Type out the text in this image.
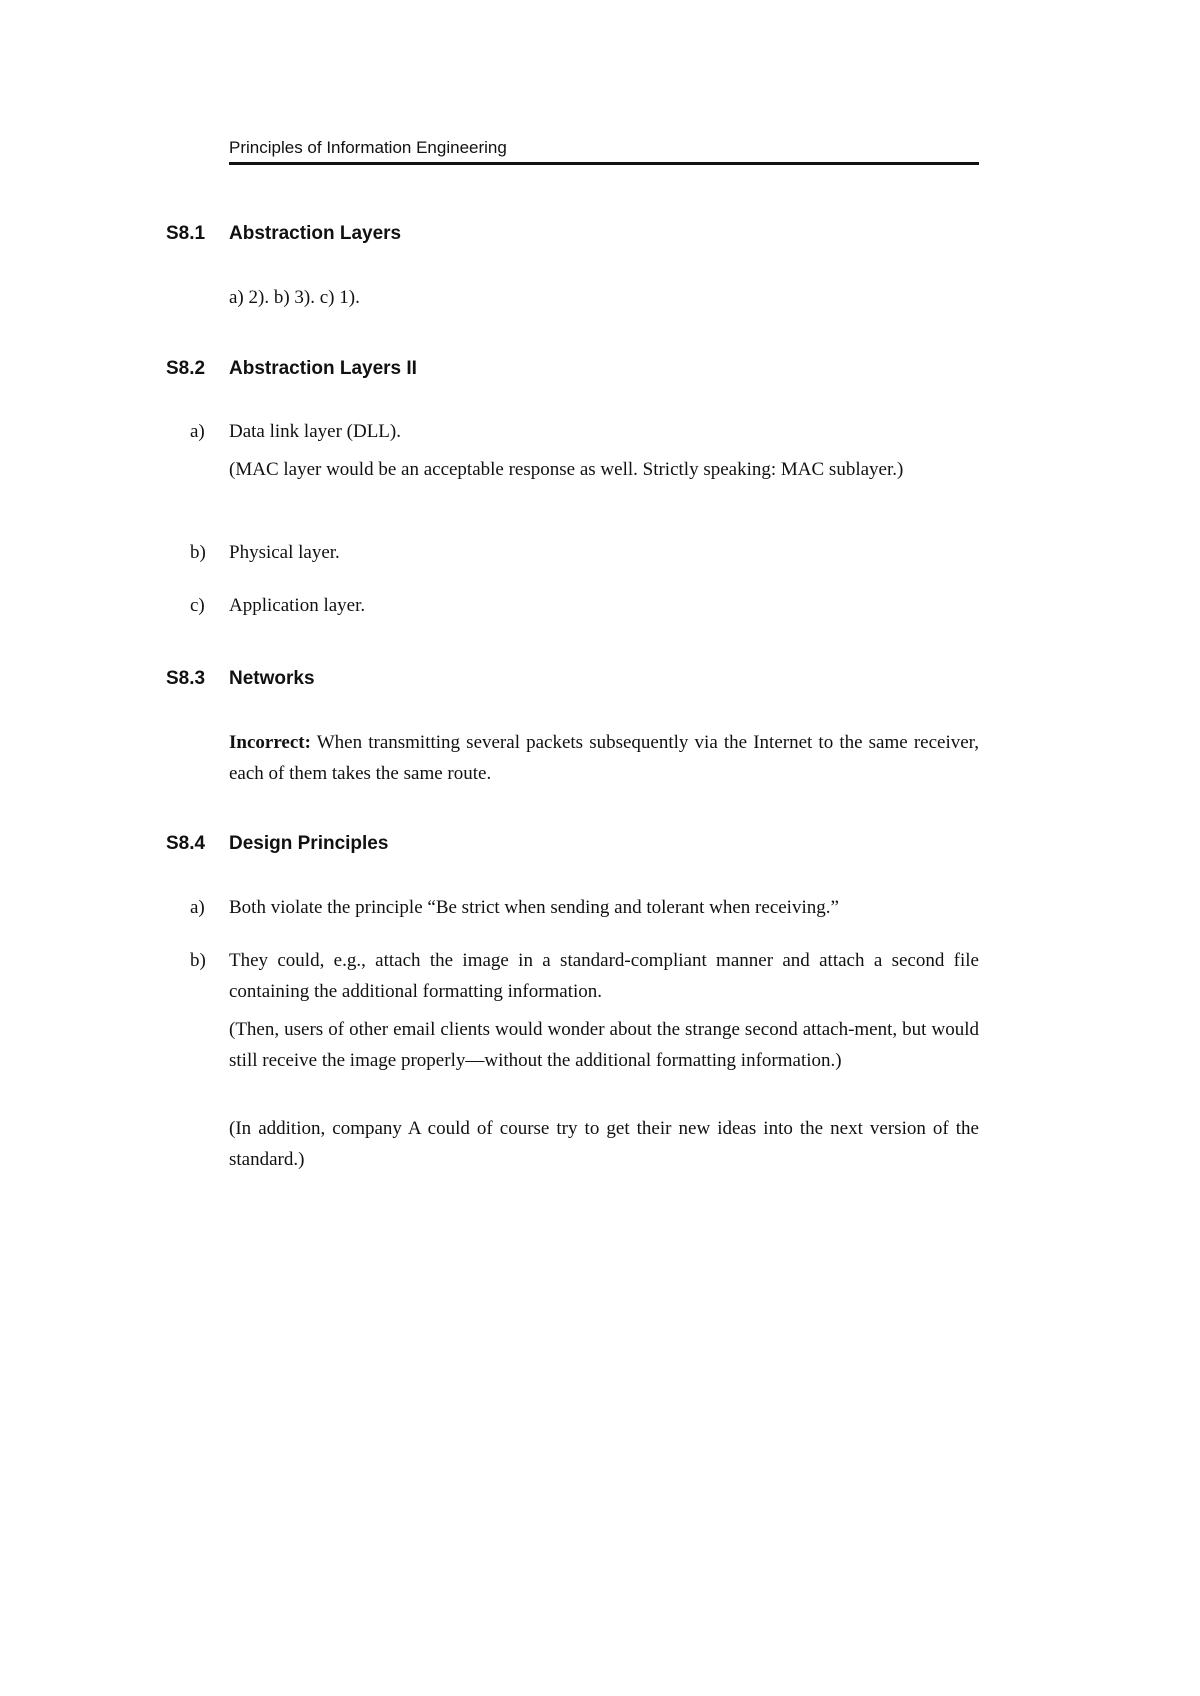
Principles of Information Engineering
S8.1 Abstraction Layers
a) 2). b) 3). c) 1).
S8.2 Abstraction Layers II
a) Data link layer (DLL).
(MAC layer would be an acceptable response as well. Strictly speaking: MAC sublayer.)
b) Physical layer.
c) Application layer.
S8.3 Networks
Incorrect: When transmitting several packets subsequently via the Internet to the same receiver, each of them takes the same route.
S8.4 Design Principles
a) Both violate the principle “Be strict when sending and tolerant when receiving.”
b) They could, e.g., attach the image in a standard-compliant manner and attach a second file containing the additional formatting information.
(Then, users of other email clients would wonder about the strange second attach-ment, but would still receive the image properly—without the additional formatting information.)
(In addition, company A could of course try to get their new ideas into the next version of the standard.)
